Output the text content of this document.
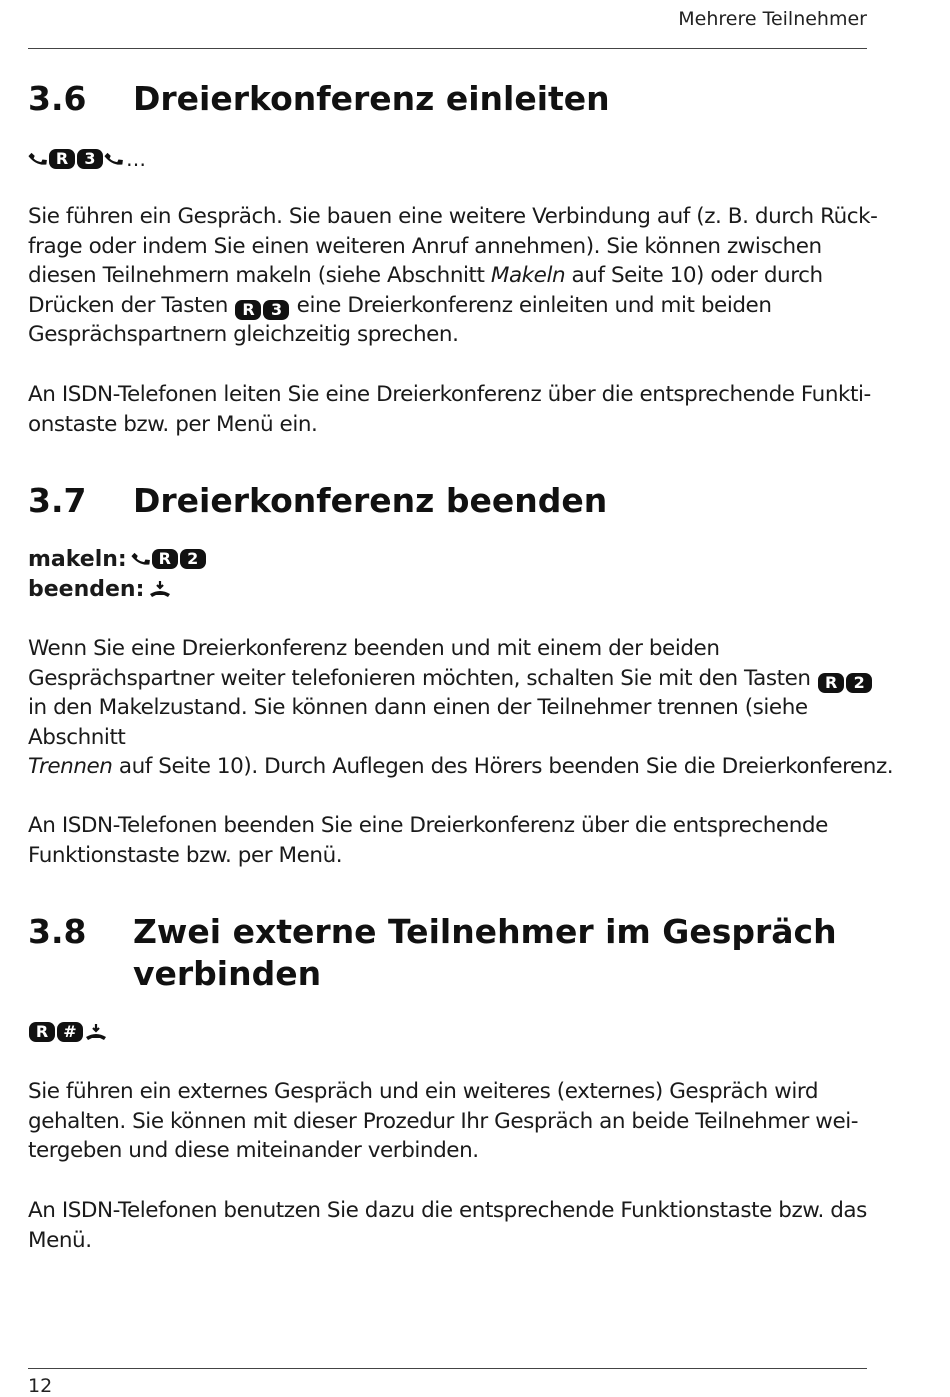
Mehrere Teilnehmer
3.6	Dreierkonferenz einleiten
R	3	…

Sie führen ein Gespräch. Sie bauen eine weitere Verbindung auf (z. B. durch Rück-

frage oder indem Sie einen weiteren Anruf annehmen). Sie können zwischen

diesen Teilnehmern makeln (siehe Abschnitt Makeln auf Seite 10) oder durch

Drücken der Tasten R 3 eine Dreierkonferenz einleiten und mit beiden

Gesprächspartnern gleichzeitig sprechen.

An ISDN-Telefonen leiten Sie eine Dreierkonferenz über die entsprechende Funkti-

onstaste bzw. per Menü ein.

3.7	Dreierkonferenz beenden
makeln:	R	2
beenden:

Wenn Sie eine Dreierkonferenz beenden und mit einem der beiden

Gesprächspartner weiter telefonieren möchten, schalten Sie mit den Tasten R 2

in den Makelzustand. Sie können dann einen der Teilnehmer trennen (siehe

Abschnitt

Trennen auf Seite 10). Durch Auflegen des Hörers beenden Sie die Dreierkonferenz.

An ISDN-Telefonen beenden Sie eine Dreierkonferenz über die entsprechende

Funktionstaste bzw. per Menü.

3.8	Zwei externe Teilnehmer im Gespräch
verbinden
R #

Sie führen ein externes Gespräch und ein weiteres (externes) Gespräch wird

gehalten. Sie können mit dieser Prozedur Ihr Gespräch an beide Teilnehmer wei-

tergeben und diese miteinander verbinden.

An ISDN-Telefonen benutzen Sie dazu die entsprechende Funktionstaste bzw. das

Menü.

12
